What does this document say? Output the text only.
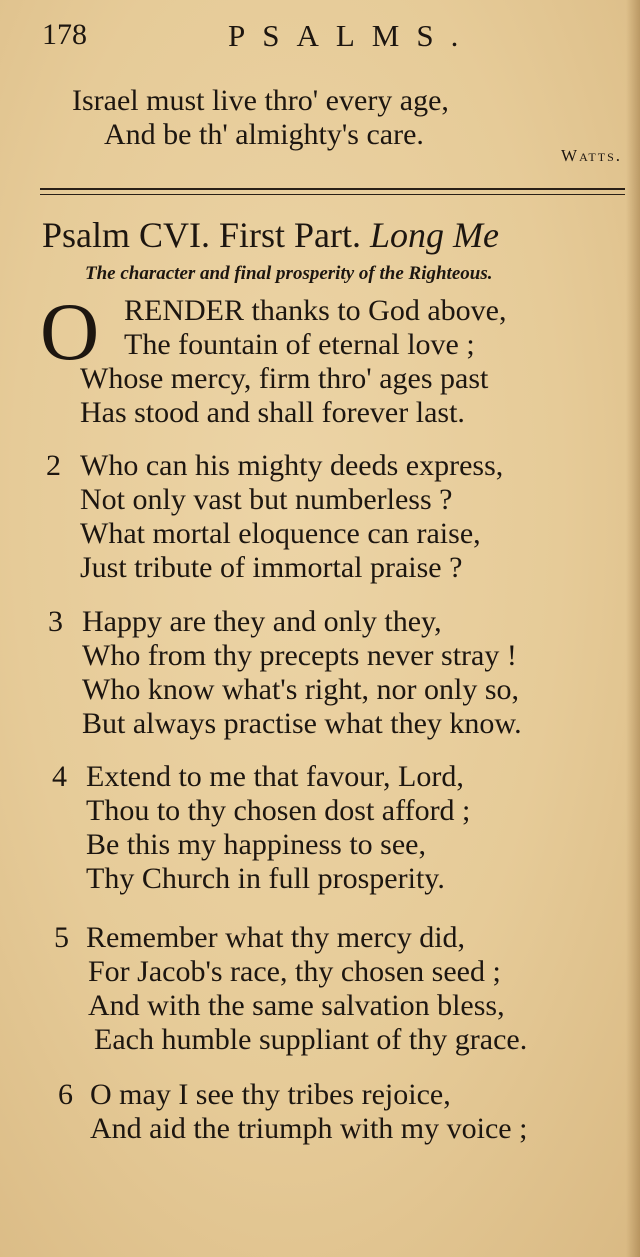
178	PSALMS.
Israel must live thro' every age,
And be th' almighty's care.
Watts.
Psalm CVI. First Part. Long Me
The character and final prosperity of the Righteous.
O RENDER thanks to God above,
The fountain of eternal love ;
Whose mercy, firm thro' ages past
Has stood and shall forever last.
2 Who can his mighty deeds express,
Not only vast but numberless ?
What mortal eloquence can raise,
Just tribute of immortal praise ?
3 Happy are they and only they,
Who from thy precepts never stray !
Who know what's right, nor only so,
But always practise what they know.
4 Extend to me that favour, Lord,
Thou to thy chosen dost afford ;
Be this my happiness to see,
Thy Church in full prosperity.
5 Remember what thy mercy did,
For Jacob's race, thy chosen seed ;
And with the same salvation bless,
Each humble suppliant of thy grace.
6 O may I see thy tribes rejoice,
And aid the triumph with my voice ;
